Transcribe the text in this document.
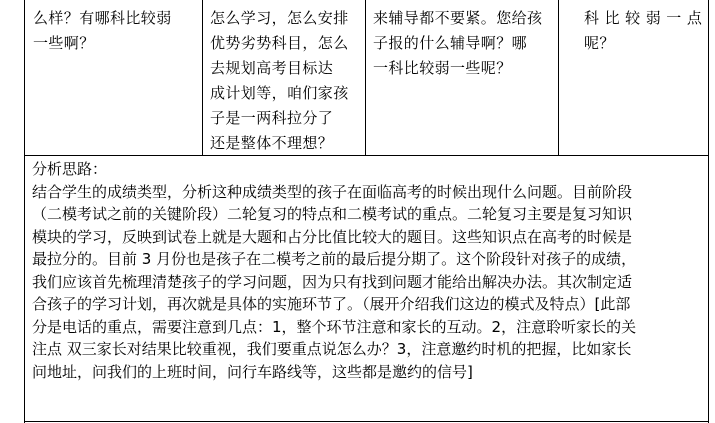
么样？有哪科比较弱
一些啊？
怎么学习，怎么安排
优势劣势科目，怎么
去规划高考目标达
成计划等，咱们家孩
子是一两科拉分了
还是整体不理想？
来辅导都不要紧。您给孩
子报的什么辅导啊？哪
一科比较弱一些呢？
科 比 较 弱 一 点
呢？
分析思路：
结合学生的成绩类型，分析这种成绩类型的孩子在面临高考的时候出现什么问题。目前阶段
（二模考试之前的关键阶段）二轮复习的特点和二模考试的重点。二轮复习主要是复习知识
模块的学习，反映到试卷上就是大题和占分比值比较大的题目。这些知识点在高考的时候是
最拉分的。目前 3 月份也是孩子在二模考之前的最后提分期了。这个阶段针对孩子的成绩，
我们应该首先梳理清楚孩子的学习问题，因为只有找到问题才能给出解决办法。其次制定适
合孩子的学习计划，再次就是具体的实施环节了。（展开介绍我们这边的模式及特点）[此部
分是电话的重点，需要注意到几点：1，整个环节注意和家长的互动。2，注意聆听家长的关
注点 双三家长对结果比较重视，我们要重点说怎么办？3，注意邀约时机的把握，比如家长
问地址，问我们的上班时间，问行车路线等，这些都是邀约的信号]
